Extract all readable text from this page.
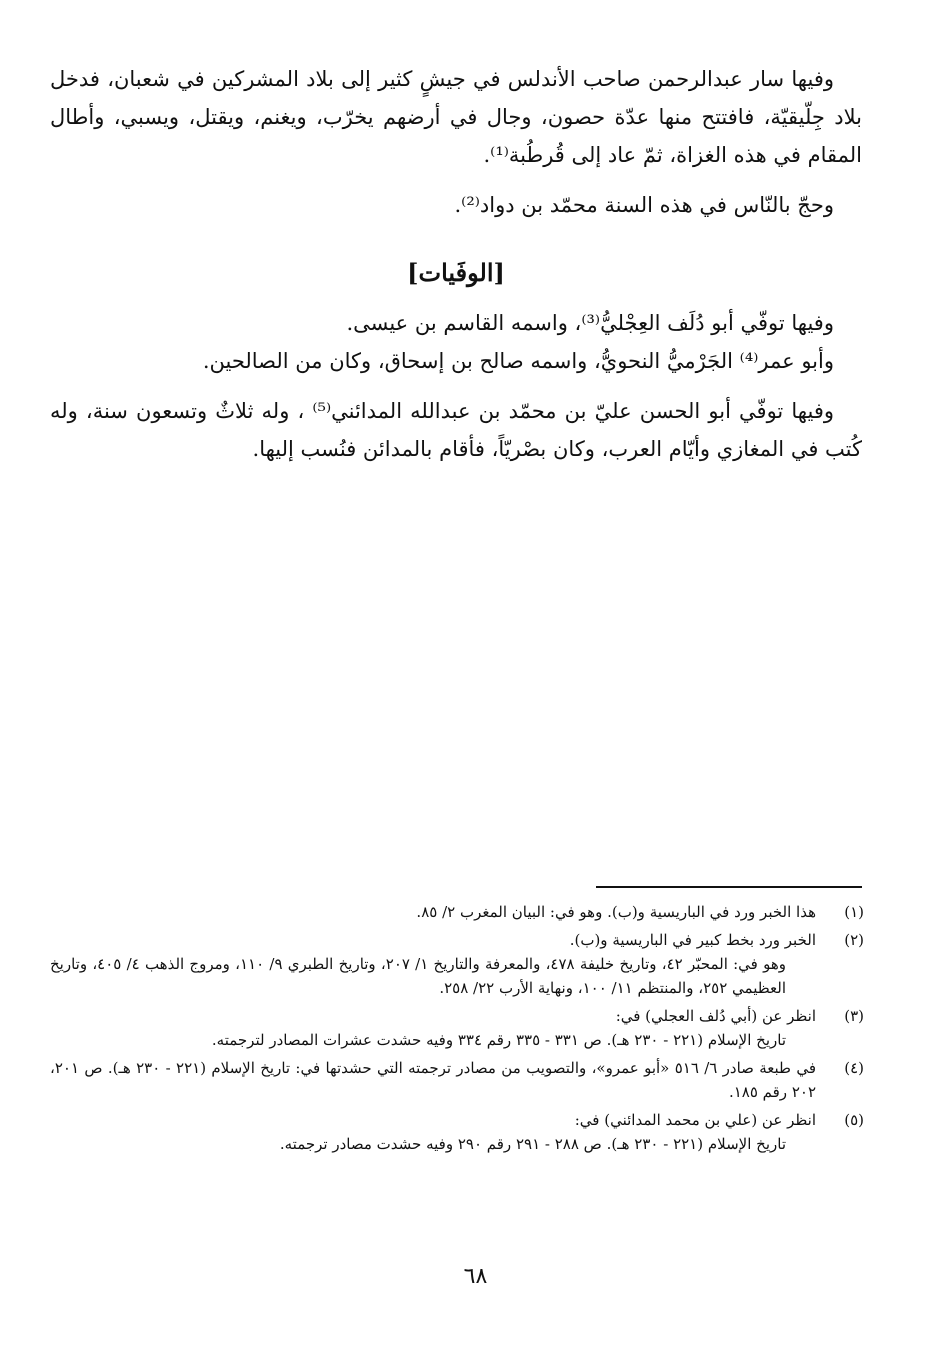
وفيها سار عبدالرحمن صاحب الأندلس في جيشٍ كثير إلى بلاد المشركين في شعبان، فدخل بلاد جِلّيقيّة، فافتتح منها عدّة حصون، وجال في أرضهم يخرّب، ويغنم، ويقتل، ويسبي، وأطال المقام في هذه الغزاة، ثمّ عاد إلى قُرطُبة⁽¹⁾.

وحجّ بالنّاس في هذه السنة محمّد بن دواد⁽²⁾.

[الوفَيات]

وفيها توفّي أبو دُلَف العِجْليُّ⁽³⁾، واسمه القاسم بن عيسى.

وأبو عمر⁽⁴⁾ الجَرْميُّ النحويُّ، واسمه صالح بن إسحاق، وكان من الصالحين.

وفيها توفّي أبو الحسن عليّ بن محمّد بن عبدالله المدائني⁽⁵⁾ ، وله ثلاثٌ وتسعون سنة، وله كُتب في المغازي وأيّام العرب، وكان بصْريّاً، فأقام بالمدائن فنُسب إليها.

(١)
هذا الخبر ورد في الباريسية و(ب). وهو في: البيان المغرب ٢/ ٨٥.
(٢)
الخبر ورد بخط كبير في الباريسية و(ب).
وهو في: المحبّر ٤٢، وتاريخ خليفة ٤٧٨، والمعرفة والتاريخ ١/ ٢٠٧، وتاريخ الطبري ٩/ ١١٠، ومروج الذهب ٤/ ٤٠٥، وتاريخ العظيمي ٢٥٢، والمنتظم ١١/ ١٠٠، ونهاية الأرب ٢٢/ ٢٥٨.
(٣)
انظر عن (أبي دُلف العجلي) في:
تاريخ الإسلام (٢٢١ - ٢٣٠ هـ). ص ٣٣١ - ٣٣٥ رقم ٣٣٤ وفيه حشدت عشرات المصادر لترجمته.
(٤)
في طبعة صادر ٦/ ٥١٦ «أبو عمرو»، والتصويب من مصادر ترجمته التي حشدتها في: تاريخ الإسلام (٢٢١ - ٢٣٠ هـ). ص ٢٠١، ٢٠٢ رقم ١٨٥.
(٥)
انظر عن (علي بن محمد المدائني) في:
تاريخ الإسلام (٢٢١ - ٢٣٠ هـ). ص ٢٨٨ - ٢٩١ رقم ٢٩٠ وفيه حشدت مصادر ترجمته.
٦٨
